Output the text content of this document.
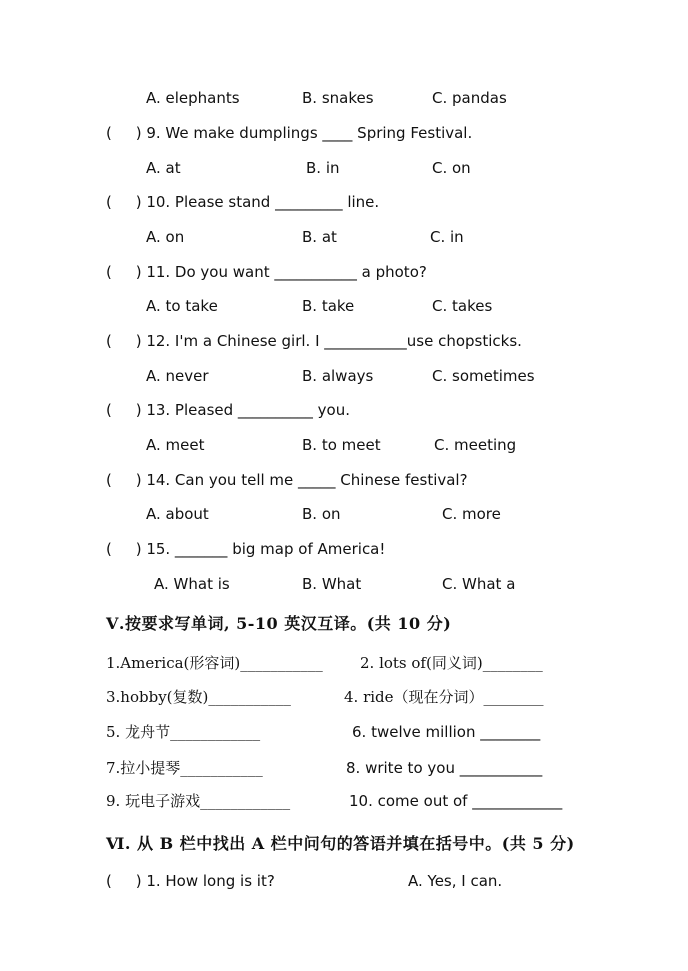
A. elephants	B. snakes	C. pandas
(     ) 9. We make dumplings ____ Spring Festival.
A. at	B. in	C. on
(     ) 10. Please stand _________ line.
A. on	B. at	C. in
(     ) 11. Do you want ___________ a photo?
A. to take	B. take	C. takes
(     ) 12. I'm a Chinese girl. I ___________use chopsticks.
A. never	B. always	C. sometimes
(     ) 13. Pleased __________ you.
A. meet	B. to meet	C. meeting
(     ) 14. Can you tell me _____ Chinese festival?
A. about	B. on	C. more
(     ) 15. _______ big map of America!
A. What is	B. What	C. What a
Ⅴ.按要求写单词, 5-10 英汉互译。(共 10 分)
1.America(形容词)___________ 2. lots of(同义词)________
3.hobby(复数)___________	4. ride（现在分词）________
5. 龙舟节____________	6. twelve million ________
7.拉小提琴___________	8. write to you ___________
9. 玩电子游戏____________	10. come out of ____________
Ⅵ. 从 B 栏中找出 A 栏中问句的答语并填在括号中。(共 5 分)
(     ) 1. How long is it?	A. Yes, I can.
